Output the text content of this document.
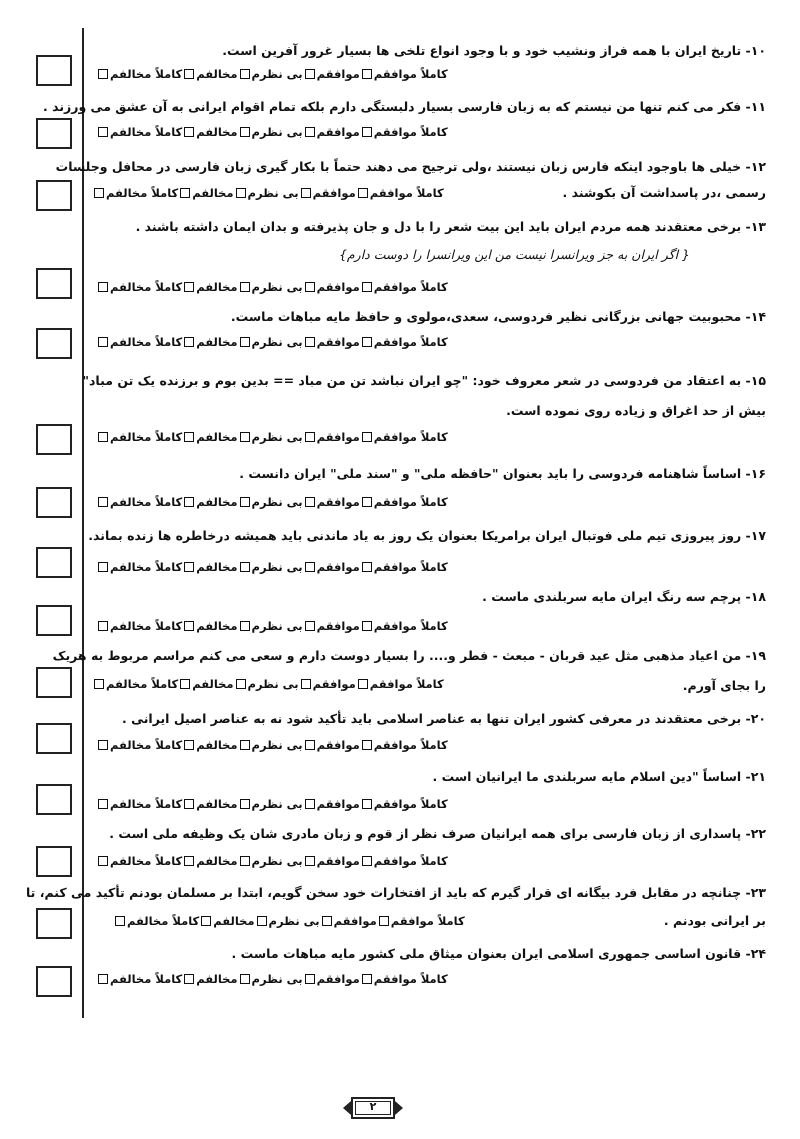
۱۰- تاریخ ایران با همه فراز ونشیب خود و با وجود انواع تلخی ها بسیار غرور آفرین است.
کاملاً موافقم
موافقم
بی نظرم
مخالفم
کاملاً مخالفم
۱۱- فکر می کنم تنها من نیستم که به زبان فارسی بسیار دلبستگی دارم بلکه تمام اقوام ایرانی به آن عشق می ورزند .
کاملاً موافقم
موافقم
بی نظرم
مخالفم
کاملاً مخالفم
۱۲- خیلی ها باوجود اینکه فارس زبان نیستند ،ولی ترجیح می دهند حتماً با بکار گیری زبان فارسی در محافل وجلسات
رسمی ،در پاسداشت آن بکوشند .
کاملاً موافقم
موافقم
بی نظرم
مخالفم
کاملاً مخالفم
۱۳- برخی معتقدند همه مردم ایران باید این بیت شعر را با دل و جان پذیرفته و بدان ایمان داشته باشند .
{ اگر ایران به جز ویرانسرا نیست من این ویرانسرا را دوست دارم}
کاملاً موافقم
موافقم
بی نظرم
مخالفم
کاملاً مخالفم
۱۴- محبوبیت جهانی بزرگانی نظیر فردوسی، سعدی،مولوی و حافظ مایه مباهات ماست.
کاملاً موافقم
موافقم
بی نظرم
مخالفم
کاملاً مخالفم
۱۵- به اعتقاد من فردوسی در شعر معروف خود: "چو ایران نباشد تن من مباد == بدین بوم و برزنده یک تن مباد"
بیش از حد اغراق و زیاده روی نموده است.
کاملاً موافقم
موافقم
بی نظرم
مخالفم
کاملاً مخالفم
۱۶- اساساً شاهنامه فردوسی را باید بعنوان "حافظه ملی" و "سند ملی" ایران دانست .
کاملاً موافقم
موافقم
بی نظرم
مخالفم
کاملاً مخالفم
۱۷- روز پیروزی تیم ملی فوتبال ایران برامریکا بعنوان یک روز به یاد ماندنی باید همیشه درخاطره ها زنده بماند.
کاملاً موافقم
موافقم
بی نظرم
مخالفم
کاملاً مخالفم
۱۸- پرچم سه رنگ ایران مایه سربلندی ماست .
کاملاً موافقم
موافقم
بی نظرم
مخالفم
کاملاً مخالفم
۱۹- من اعیاد مذهبی مثل عید قربان - مبعث - فطر و.... را بسیار دوست دارم و سعی می کنم مراسم مربوط به هریک
را بجای آورم.
کاملاً موافقم
موافقم
بی نظرم
مخالفم
کاملاً مخالفم
۲۰- برخی معتقدند در معرفی کشور ایران تنها به عناصر اسلامی باید تأکید شود نه به عناصر اصیل ایرانی .
کاملاً موافقم
موافقم
بی نظرم
مخالفم
کاملاً مخالفم
۲۱- اساساً "دین اسلام مایه سربلندی ما ایرانیان است .
کاملاً موافقم
موافقم
بی نظرم
مخالفم
کاملاً مخالفم
۲۲- پاسداری از زبان فارسی برای همه ایرانیان صرف نظر از قوم و زبان مادری شان یک وظیفه ملی است .
کاملاً موافقم
موافقم
بی نظرم
مخالفم
کاملاً مخالفم
۲۳- چنانچه در مقابل فرد بیگانه ای قرار گیرم که باید از افتخارات خود سخن گویم، ابتدا بر مسلمان بودنم تأکید می کنم، تا
بر ایرانی بودنم .
کاملاً موافقم
موافقم
بی نظرم
مخالفم
کاملاً مخالفم
۲۴- قانون اساسی جمهوری اسلامی ایران بعنوان میثاق ملی کشور مایه مباهات ماست .
کاملاً موافقم
موافقم
بی نظرم
مخالفم
کاملاً مخالفم
۲
